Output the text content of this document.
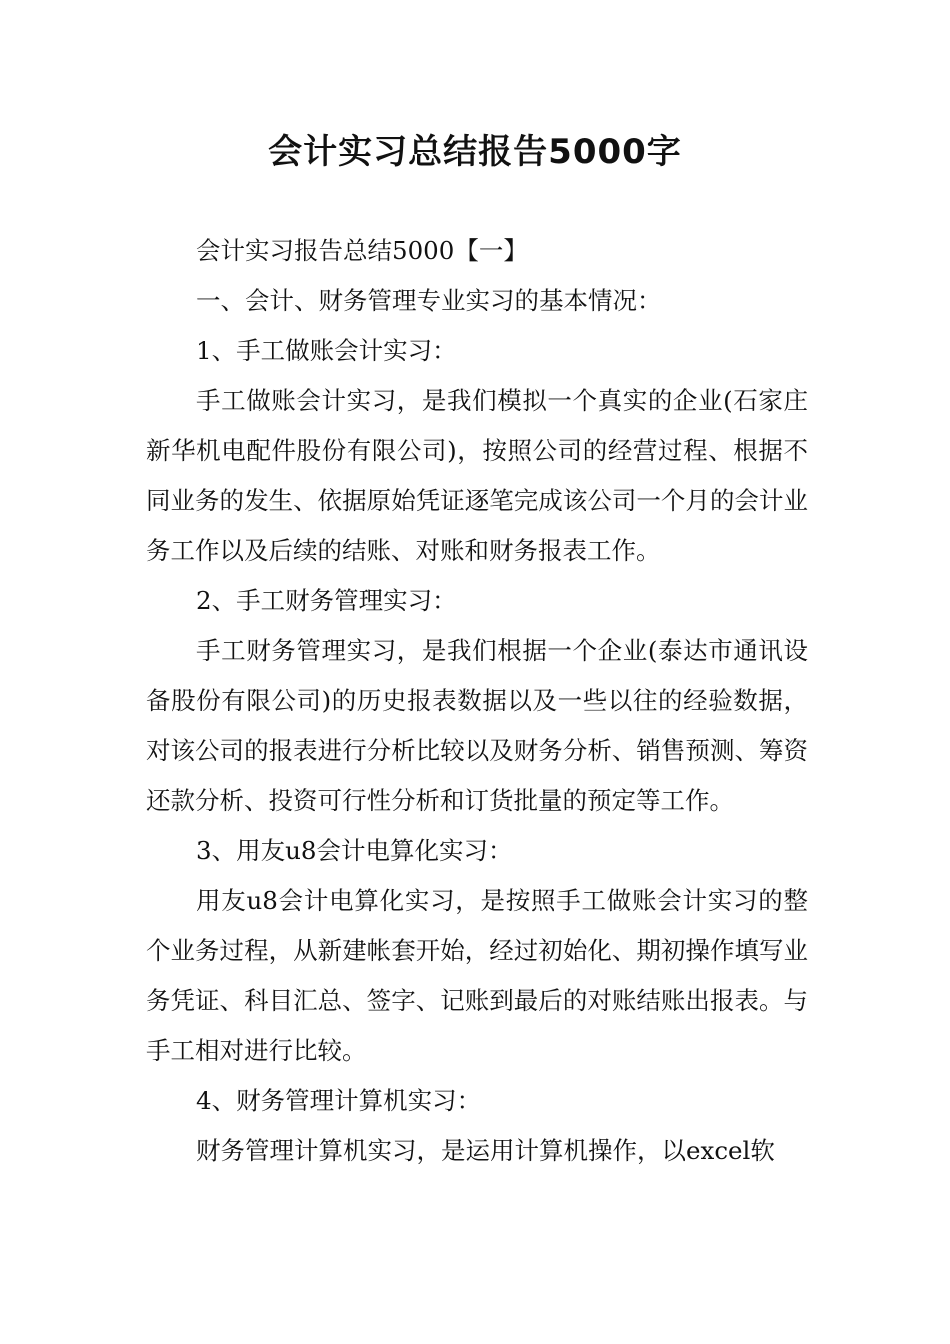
会计实习总结报告5000字

会计实习报告总结5000【一】

一、会计、财务管理专业实习的基本情况：

1、手工做账会计实习：

手工做账会计实习，是我们模拟一个真实的企业(石家庄新华机电配件股份有限公司)，按照公司的经营过程、根据不同业务的发生、依据原始凭证逐笔完成该公司一个月的会计业务工作以及后续的结账、对账和财务报表工作。

2、手工财务管理实习：

手工财务管理实习，是我们根据一个企业(泰达市通讯设备股份有限公司)的历史报表数据以及一些以往的经验数据，对该公司的报表进行分析比较以及财务分析、销售预测、筹资还款分析、投资可行性分析和订货批量的预定等工作。

3、用友u8会计电算化实习：

用友u8会计电算化实习，是按照手工做账会计实习的整个业务过程，从新建帐套开始，经过初始化、期初操作填写业务凭证、科目汇总、签字、记账到最后的对账结账出报表。与手工相对进行比较。

4、财务管理计算机实习：

财务管理计算机实习，是运用计算机操作，以excel软
